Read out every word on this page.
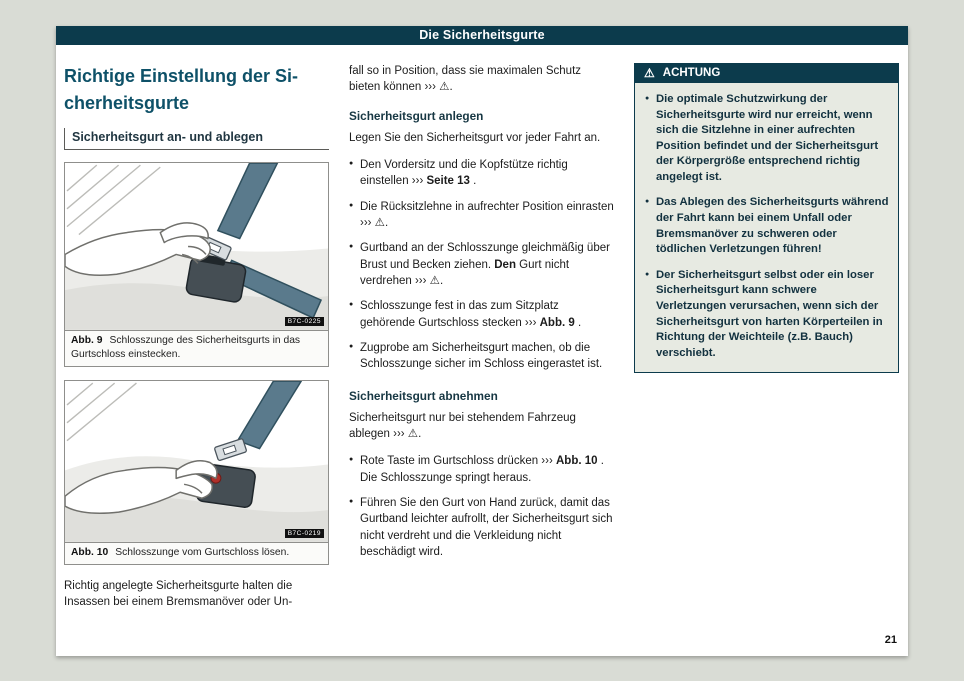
Die Sicherheitsgurte
Richtige Einstellung der Si-
cherheitsgurte
Sicherheitsgurt an- und ablegen
B7C-0225
Abb. 9 Schlosszunge des Sicherheitsgurts in das Gurtschloss einstecken.
B7C-0219
Abb. 10 Schlosszunge vom Gurtschloss lösen.

Richtig angelegte Sicherheitsgurte halten die Insassen bei einem Bremsmanöver oder Un-

fall so in Position, dass sie maximalen Schutz bieten können ››› ⚠.

Sicherheitsgurt anlegen

Legen Sie den Sicherheitsgurt vor jeder Fahrt an.

● Den Vordersitz und die Kopfstütze richtig einstellen ››› Seite 13 .
● Die Rücksitzlehne in aufrechter Position einrasten ››› ⚠.
● Gurtband an der Schlosszunge gleichmäßig über Brust und Becken ziehen. Den Gurt nicht verdrehen ››› ⚠.
● Schlosszunge fest in das zum Sitzplatz gehörende Gurtschloss stecken ››› Abb. 9 .
● Zugprobe am Sicherheitsgurt machen, ob die Schlosszunge sicher im Schloss eingerastet ist.
Sicherheitsgurt abnehmen

Sicherheitsgurt nur bei stehendem Fahrzeug ablegen ››› ⚠.

● Rote Taste im Gurtschloss drücken ››› Abb. 10 . Die Schlosszunge springt heraus.
● Führen Sie den Gurt von Hand zurück, damit das Gurtband leichter aufrollt, der Sicherheitsgurt sich nicht verdreht und die Verkleidung nicht beschädigt wird.
⚠ ACHTUNG
● Die optimale Schutzwirkung der Sicherheitsgurte wird nur erreicht, wenn sich die Sitzlehne in einer aufrechten Position befindet und der Sicherheitsgurt der Körpergröße entsprechend richtig angelegt ist.
● Das Ablegen des Sicherheitsgurts während der Fahrt kann bei einem Unfall oder Bremsmanöver zu schweren oder tödlichen Verletzungen führen!
● Der Sicherheitsgurt selbst oder ein loser Sicherheitsgurt kann schwere Verletzungen verursachen, wenn sich der Sicherheitsgurt von harten Körperteilen in Richtung der Weichteile (z.B. Bauch) verschiebt.
21
